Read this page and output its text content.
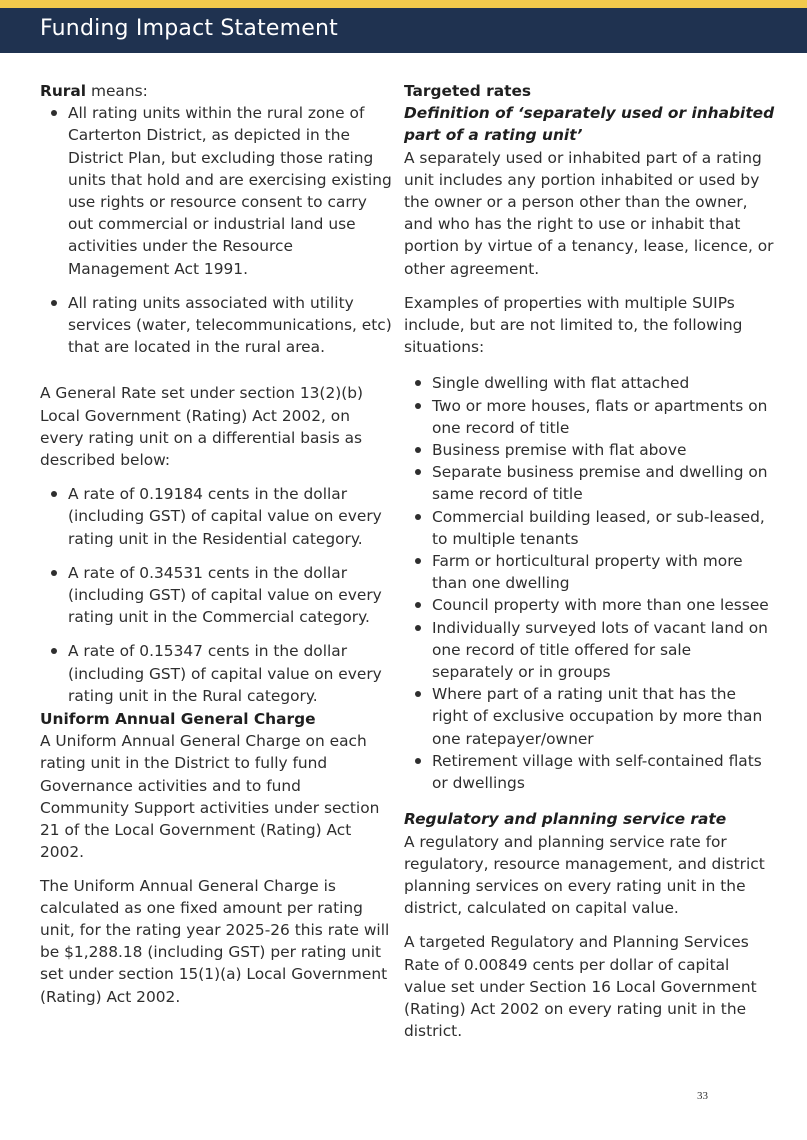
Funding Impact Statement

Rural means:

All rating units within the rural zone of Carterton District, as depicted in the District Plan, but excluding those rating units that hold and are exercising existing use rights or resource consent to carry out commercial or industrial land use activities under the Resource Management Act 1991.
All rating units associated with utility services (water, telecommunications, etc) that are located in the rural area.

A General Rate set under section 13(2)(b) Local Government (Rating) Act 2002, on every rating unit on a differential basis as described below:

A rate of 0.19184 cents in the dollar (including GST) of capital value on every rating unit in the Residential category.
A rate of 0.34531 cents in the dollar (including GST) of capital value on every rating unit in the Commercial category.
A rate of 0.15347 cents in the dollar (including GST) of capital value on every rating unit in the Rural category.

Uniform Annual General Charge

A Uniform Annual General Charge on each rating unit in the District to fully fund Governance activities and to fund Community Support activities under section 21 of the Local Government (Rating) Act 2002.

The Uniform Annual General Charge is calculated as one fixed amount per rating unit, for the rating year 2025-26 this rate will be $1,288.18 (including GST) per rating unit set under section 15(1)(a) Local Government (Rating) Act 2002.

Targeted rates

Definition of ‘separately used or inhabited part of a rating unit’

A separately used or inhabited part of a rating unit includes any portion inhabited or used by the owner or a person other than the owner, and who has the right to use or inhabit that portion by virtue of a tenancy, lease, licence, or other agreement.

Examples of properties with multiple SUIPs include, but are not limited to, the following situations:

Single dwelling with flat attached
Two or more houses, flats or apartments on one record of title
Business premise with flat above
Separate business premise and dwelling on same record of title
Commercial building leased, or sub-leased, to multiple tenants
Farm or horticultural property with more than one dwelling
Council property with more than one lessee
Individually surveyed lots of vacant land on one record of title offered for sale separately or in groups
Where part of a rating unit that has the right of exclusive occupation by more than one ratepayer/owner
Retirement village with self-contained flats or dwellings

Regulatory and planning service rate

A regulatory and planning service rate for regulatory, resource management, and district planning services on every rating unit in the district, calculated on capital value.

A targeted Regulatory and Planning Services Rate of 0.00849 cents per dollar of capital value set under Section 16 Local Government (Rating) Act 2002 on every rating unit in the district.

33
